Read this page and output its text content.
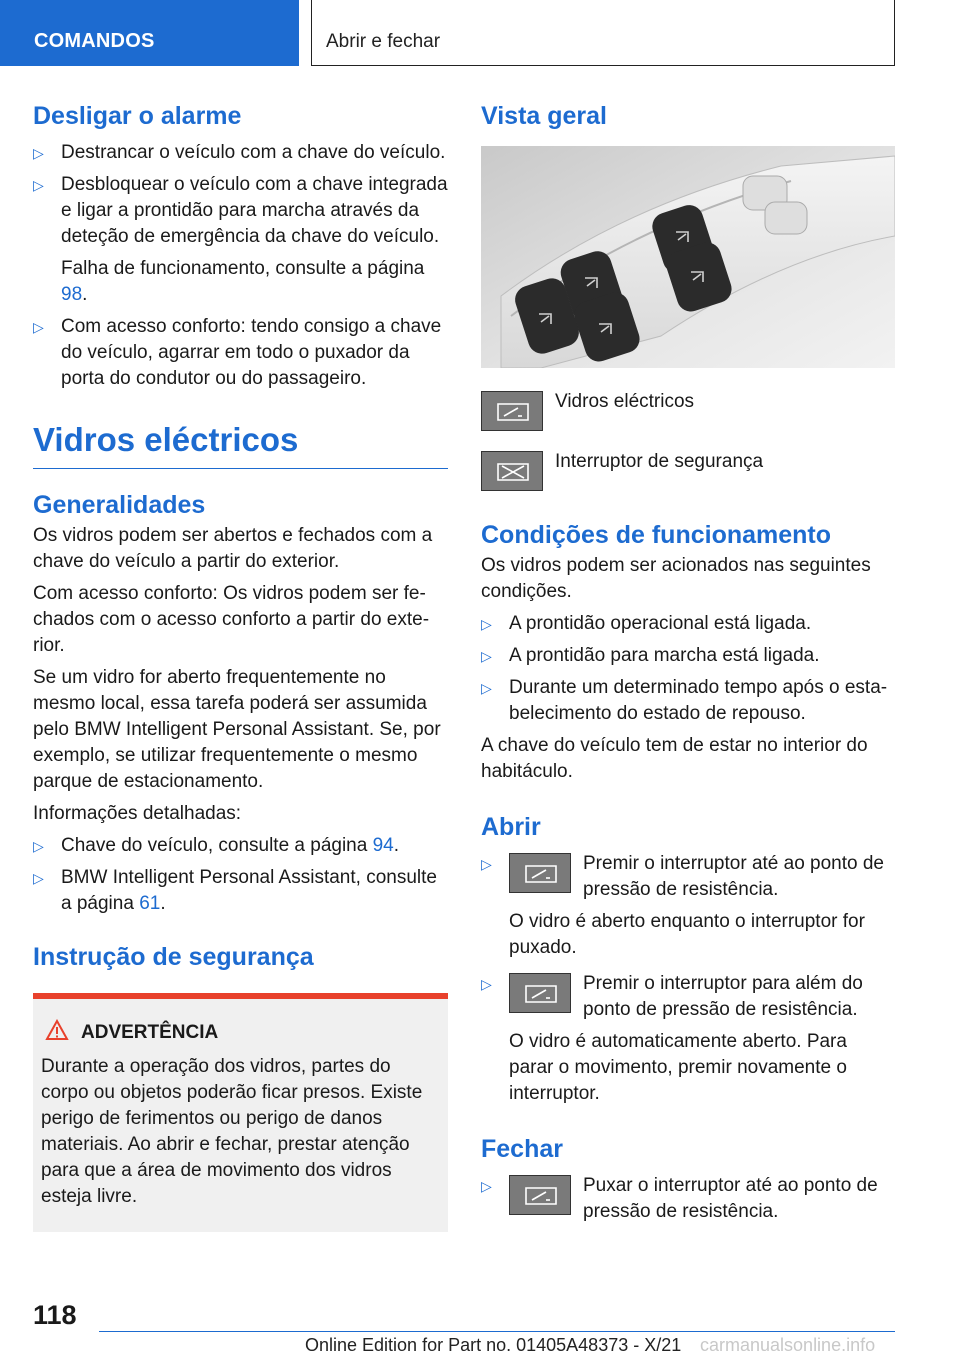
COMANDOS	Abrir e fechar
Desligar o alarme
▷ Destrancar o veículo com a chave do veículo.
▷ Desbloquear o veículo com a chave integrada e ligar a prontidão para marcha através da deteção de emergência da chave do veículo.

Falha de funcionamento, consulte a página 98.

▷ Com acesso conforto: tendo consigo a chave do veículo, agarrar em todo o puxador da porta do condutor ou do passageiro.
Vidros eléctricos
Generalidades

Os vidros podem ser abertos e fechados com a chave do veículo a partir do exterior.

Com acesso conforto: Os vidros podem ser fechados com o acesso conforto a partir do exterior.

Se um vidro for aberto frequentemente no mesmo local, essa tarefa poderá ser assumida pelo BMW Intelligent Personal Assistant. Se, por exemplo, se utilizar frequentemente o mesmo parque de estacionamento.

Informações detalhadas:

▷ Chave do veículo, consulte a página 94.
▷ BMW Intelligent Personal Assistant, consulte a página 61.
Instrução de segurança
ADVERTÊNCIA

Durante a operação dos vidros, partes do corpo ou objetos poderão ficar presos. Existe perigo de ferimentos ou perigo de danos materiais. Ao abrir e fechar, prestar atenção para que a área de movimento dos vidros esteja livre.

Vista geral
Vidros eléctricos
Interruptor de segurança
Condições de funcionamento

Os vidros podem ser acionados nas seguintes condições.

▷ A prontidão operacional está ligada.
▷ A prontidão para marcha está ligada.
▷ Durante um determinado tempo após o estabelecimento do estado de repouso.

A chave do veículo tem de estar no interior do habitáculo.

Abrir
▷	Premir o interruptor até ao ponto de pressão de resistência.

O vidro é aberto enquanto o interruptor for puxado.

▷	Premir o interruptor para além do ponto de pressão de resistência.

O vidro é automaticamente aberto. Para parar o movimento, premir novamente o interruptor.

Fechar
▷	Puxar o interruptor até ao ponto de pressão de resistência.
118
Online Edition for Part no. 01405A48373 - X/21 carmanualsonline.info
